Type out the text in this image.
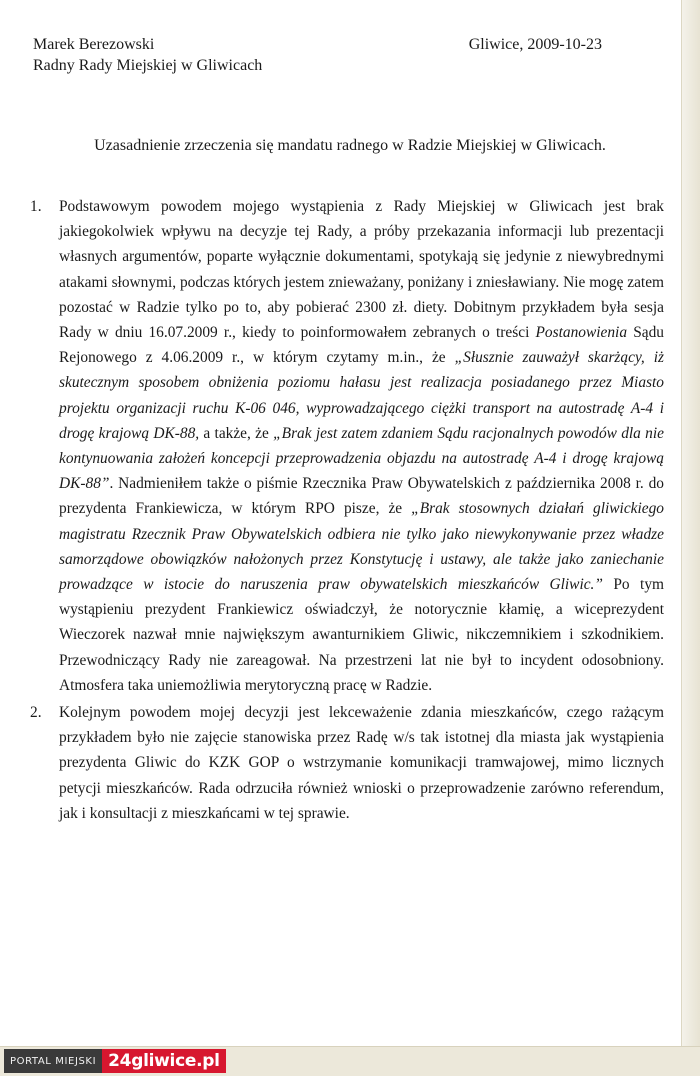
Marek Berezowski
Radny Rady Miejskiej w Gliwicach
Gliwice, 2009-10-23
Uzasadnienie zrzeczenia się mandatu radnego w Radzie Miejskiej w Gliwicach.
1. Podstawowym powodem mojego wystąpienia z Rady Miejskiej w Gliwicach jest brak jakiegokolwiek wpływu na decyzje tej Rady, a próby przekazania informacji lub prezentacji własnych argumentów, poparte wyłącznie dokumentami, spotykają się jedynie z niewybrednymi atakami słownymi, podczas których jestem znieważany, poniżany i zniesławiany. Nie mogę zatem pozostać w Radzie tylko po to, aby pobierać 2300 zł. diety. Dobitnym przykładem była sesja Rady w dniu 16.07.2009 r., kiedy to poinformowałem zebranych o treści Postanowienia Sądu Rejonowego z 4.06.2009 r., w którym czytamy m.in., że „Słusznie zauważył skarżący, iż skutecznym sposobem obniżenia poziomu hałasu jest realizacja posiadanego przez Miasto projektu organizacji ruchu K-06 046, wyprowadzającego ciężki transport na autostradę A-4 i drogę krajową DK-88, a także, że „Brak jest zatem zdaniem Sądu racjonalnych powodów dla nie kontynuowania założeń koncepcji przeprowadzenia objazdu na autostradę A-4 i drogę krajową DK-88”. Nadmieniłem także o piśmie Rzecznika Praw Obywatelskich z października 2008 r. do prezydenta Frankiewicza, w którym RPO pisze, że „Brak stosownych działań gliwickiego magistratu Rzecznik Praw Obywatelskich odbiera nie tylko jako niewykonywanie przez władze samorządowe obowiązków nałożonych przez Konstytucję i ustawy, ale także jako zaniechanie prowadzące w istocie do naruszenia praw obywatelskich mieszkańców Gliwic.” Po tym wystąpieniu prezydent Frankiewicz oświadczył, że notorycznie kłamię, a wiceprezydent Wieczorek nazwał mnie największym awanturnikiem Gliwic, nikczemnikiem i szkodnikiem. Przewodniczący Rady nie zareagował. Na przestrzeni lat nie był to incydent odosobniony. Atmosfera taka uniemożliwia merytoryczną pracę w Radzie.
2. Kolejnym powodem mojej decyzji jest lekceważenie zdania mieszkańców, czego rażącym przykładem było nie zajęcie stanowiska przez Radę w/s tak istotnej dla miasta jak wystąpienia prezydenta Gliwic do KZK GOP o wstrzymanie komunikacji tramwajowej, mimo licznych petycji mieszkańców. Rada odrzuciła również wnioski o przeprowadzenie zarówno referendum, jak i konsultacji z mieszkańcami w tej sprawie.
PORTAL MIEJSKI 24gliwice.pl
